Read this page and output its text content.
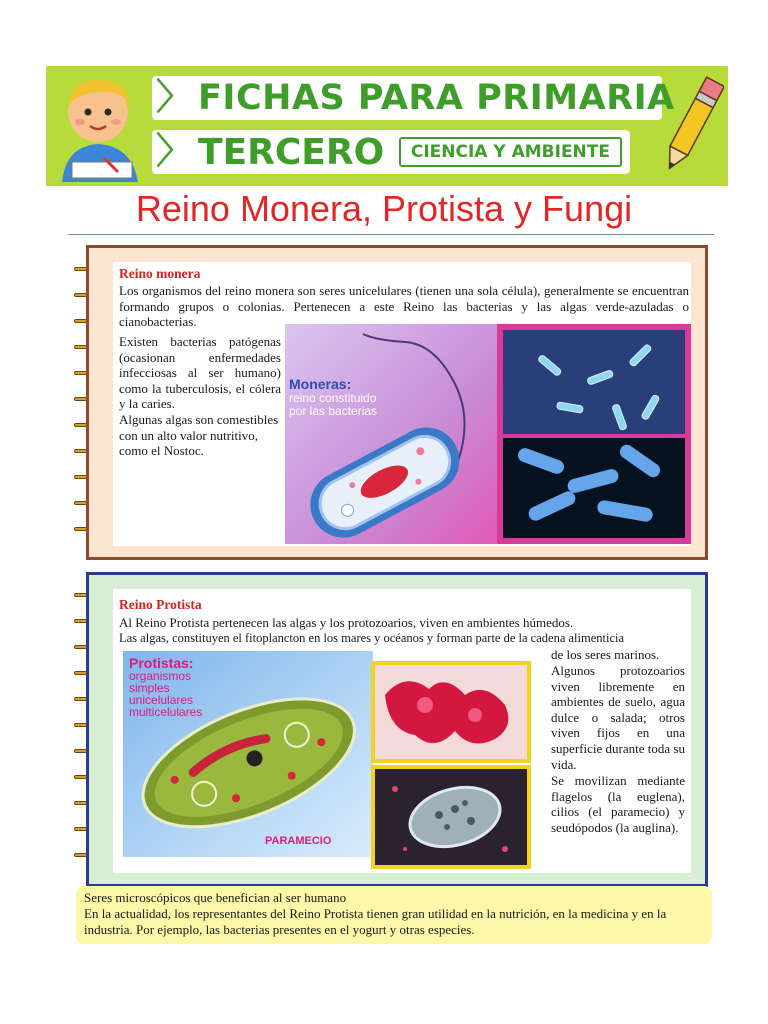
〉 FICHAS PARA PRIMARIA
〉 TERCERO	CIENCIA Y AMBIENTE
Reino Monera, Protista y Fungi
Reino monera
Los organismos del reino monera son seres unicelulares (tienen una sola célula), generalmente se encuentran formando grupos o colonias. Pertenecen a este Reino las bacterias y las algas verde-azuladas o cianobacterias.
Existen bacterias patógenas (ocasionan enfermedades infecciosas al ser humano) como la tuberculosis, el cólera y la caries.
Algunas algas son comestibles con un alto valor nutritivo, como el Nostoc.
Moneras:
reino constituido
por las bacterias
Reino Protista
Al Reino Protista pertenecen las algas y los protozoarios, viven en ambientes húmedos.
Las algas, constituyen el fitoplancton en los mares y océanos y forman parte de la cadena alimenticia
de los seres marinos.
Algunos protozoarios viven libremente en ambientes de suelo, agua dulce o salada; otros viven fijos en una superficie durante toda su vida.
Se movilizan mediante flagelos (la euglena), cilios (el paramecio) y seudópodos (la auglina).
Protistas:
organismos
simples
unicelulares
multicelulares
PARAMECIO

Seres microscópicos que benefician al ser humano

En la actualidad, los representantes del Reino Protista tienen gran utilidad en la nutrición, en la medicina y en la industria. Por ejemplo, las bacterias presentes en el yogurt y otras especies.
